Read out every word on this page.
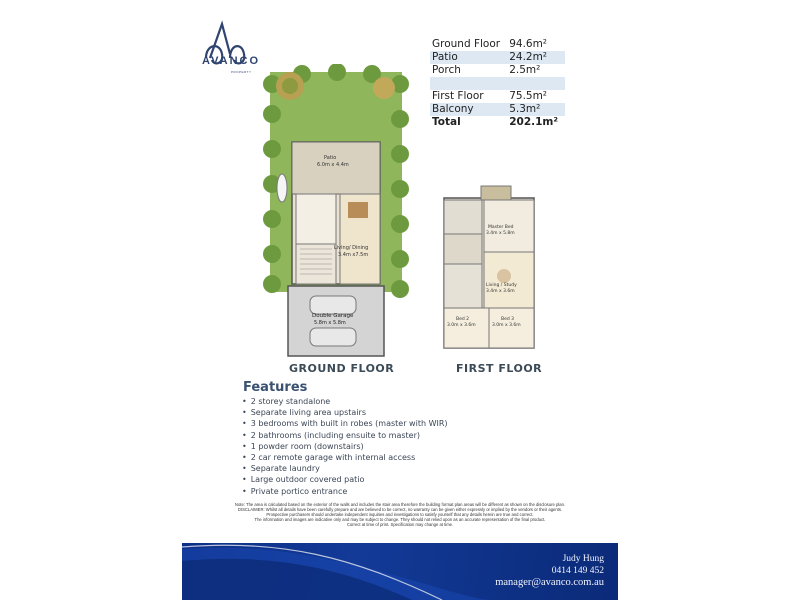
AVANCO
PROPERTY
Ground Floor	94.6m²
Patio	24.2m²
Porch	2.5m²

First Floor	75.5m²
Balcony	5.3m²
Total	202.1m²
Patio
6.0m x 4.4m
Living/ Dining
3.4m x7.5m
Double Garage
5.8m x 5.8m
GROUND FLOOR
Master Bed
3.4m x 5.8m
Living / Study
3.4m x 3.6m
Bed 2
3.0m x 3.6m
Bed 3
3.0m x 3.6m
FIRST FLOOR
Features
• 2 storey standalone
• Separate living area upstairs
• 3 bedrooms with built in robes (master with WIR)
• 2 bathrooms (including ensuite to master)
• 1 powder room (downstairs)
• 2 car remote garage with internal access
• Separate laundry
• Large outdoor covered patio
• Private portico entrance
Note: The area is calculated based on the exterior of the walls and includes the stair area therefore the building format plan areas will be different as shown on the disclosure plan.
DISCLAIMER: Whilst all details have been carefully prepare and are believed to be correct, no warranty can be given either expressly or implied by the vendors or their agents.
Prospective purchasers should undertake independent inquiries and investigations to satisfy yourself that any details herein are true and correct.
The information and images are indicative only and may be subject to change. They should not relied upon as an accurate representation of the final product.
Correct at time of print. Specification may change at time.
Judy Hung
0414 149 452
manager@avanco.com.au
